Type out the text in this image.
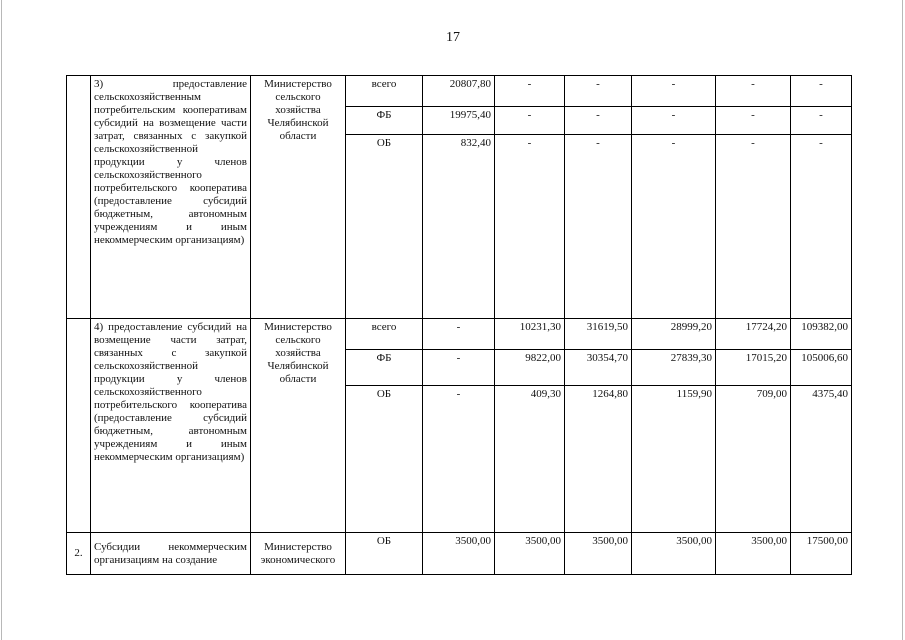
17
	3) предоставление сельскохозяйственным потребительским кооперативам субсидий на возмещение части затрат, связанных с закупкой сельскохозяйственной продукции у членов сельскохозяйственного потребительского кооператива (предоставление субсидий бюджетным, автономным учреждениям и иным некоммерческим организациям)	Министерство сельского хозяйства Челябинской области	всего	20807,80	-	-	-	-	-
			ФБ	19975,40	-	-	-	-	-
			ОБ	832,40	-	-	-	-	-
	4) предоставление субсидий на возмещение части затрат, связанных с закупкой сельскохозяйственной продукции у членов сельскохозяйственного потребительского кооператива (предоставление субсидий бюджетным, автономным учреждениям и иным некоммерческим организациям)	Министерство сельского хозяйства Челябинской области	всего	-	10231,30	31619,50	28999,20	17724,20	109382,00
			ФБ	-	9822,00	30354,70	27839,30	17015,20	105006,60
			ОБ	-	409,30	1264,80	1159,90	709,00	4375,40
2.	Субсидии некоммерческим организациям на создание	Министерство экономического	ОБ	3500,00	3500,00	3500,00	3500,00	3500,00	17500,00
